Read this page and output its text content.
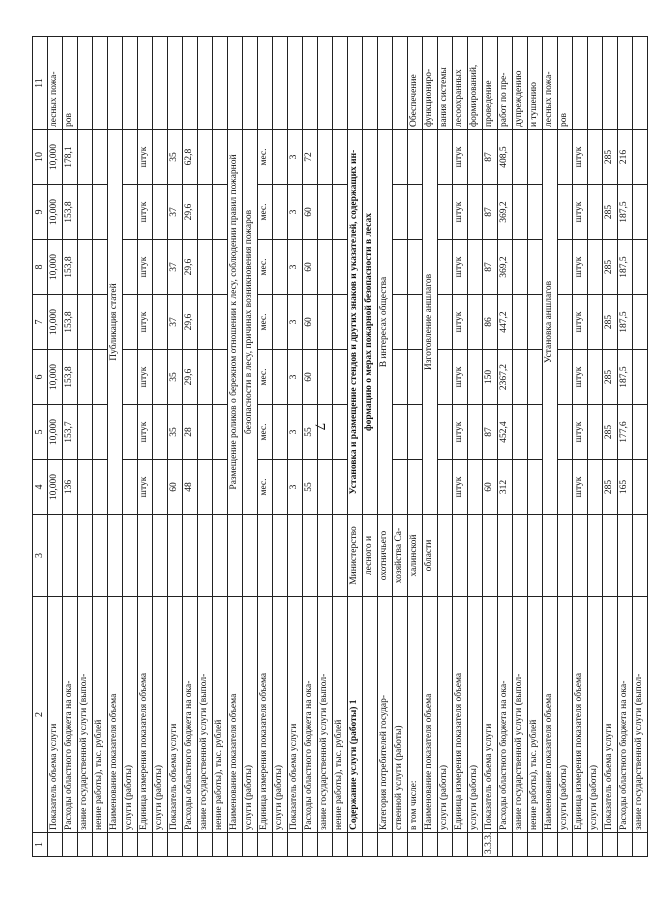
7
1	2	3	4	5	6	7	8	9	10	11
	Показатель объема услуги		10,000	10,000	10,000	10,000	10,000	10,000	10,000	лесных пожа-
	Расходы областного бюджета на ока-		136	153,7	153,8	153,8	153,8	153,8	178,1	ров
	зание государственной услуги (выпол-									
	нение работы), тыс. рублей									
	Наименование показателя объема		Публикация статей							
	услуги (работы)									
	Единица измерения показателя объема		штук	штук	штук	штук	штук	штук	штук	
	услуги (работы)									
	Показатель объема услуги		60	35	35	37	37	37	35	
	Расходы областного бюджета на ока-		48	28	29,6	29,6	29,6	29,6	62,8	
	зание государственной услуги (выпол-									
	нение работы), тыс. рублей									
	Наименование показателя объема		Размещение роликов о бережном отношении к лесу, соблюдении правил пожарной							
	услуги (работы)		безопасности в лесу, причинах возникновения пожаров							
	Единица измерения показателя объема		мес.	мес.	мес.	мес.	мес.	мес.	мес.	
	услуги (работы)									
	Показатель объема услуги		3	3	3	3	3	3	3	
	Расходы областного бюджета на ока-		55	55	60	60	60	60	72	
	зание государственной услуги (выпол-									
	нение работы), тыс. рублей									
	Содержание услуги (работы) 1	Министерство	Установка и размещение стендов и других знаков и указателей, содержащих ин-							
		лесного и	формацию о мерах пожарной безопасности в лесах							
	Категория потребителей государ-	охотничьего	В интересах общества							
	ственной услуги (работы)	хозяйства Са-								
	в том числе:	халинской								Обеспечение
	Наименование показателя объема	области	Изготовление аншлагов							функциониро-
	услуги (работы)									вания системы
	Единица измерения показателя объема		штук	штук	штук	штук	штук	штук	штук	лесоохранных
	услуги (работы)									формирований,
3.3.3.	Показатель объема услуги		60	87	150	86	87	87	87	проведение
	Расходы областного бюджета на ока-		312	452,4	2367,2	447,2	369,2	369,2	408,5	работ по пре-
	зание государственной услуги (выпол-									дупреждению
	нение работы), тыс. рублей									и тушению
	Наименование показателя объема		Установка аншлагов							лесных пожа-
	услуги (работы)									ров
	Единица измерения показателя объема		штук	штук	штук	штук	штук	штук	штук	
	услуги (работы)									
	Показатель объема услуги		285	285	285	285	285	285	285	
	Расходы областного бюджета на ока-		165	177,6	187,5	187,5	187,5	187,5	216	
	зание государственной услуги (выпол-									
